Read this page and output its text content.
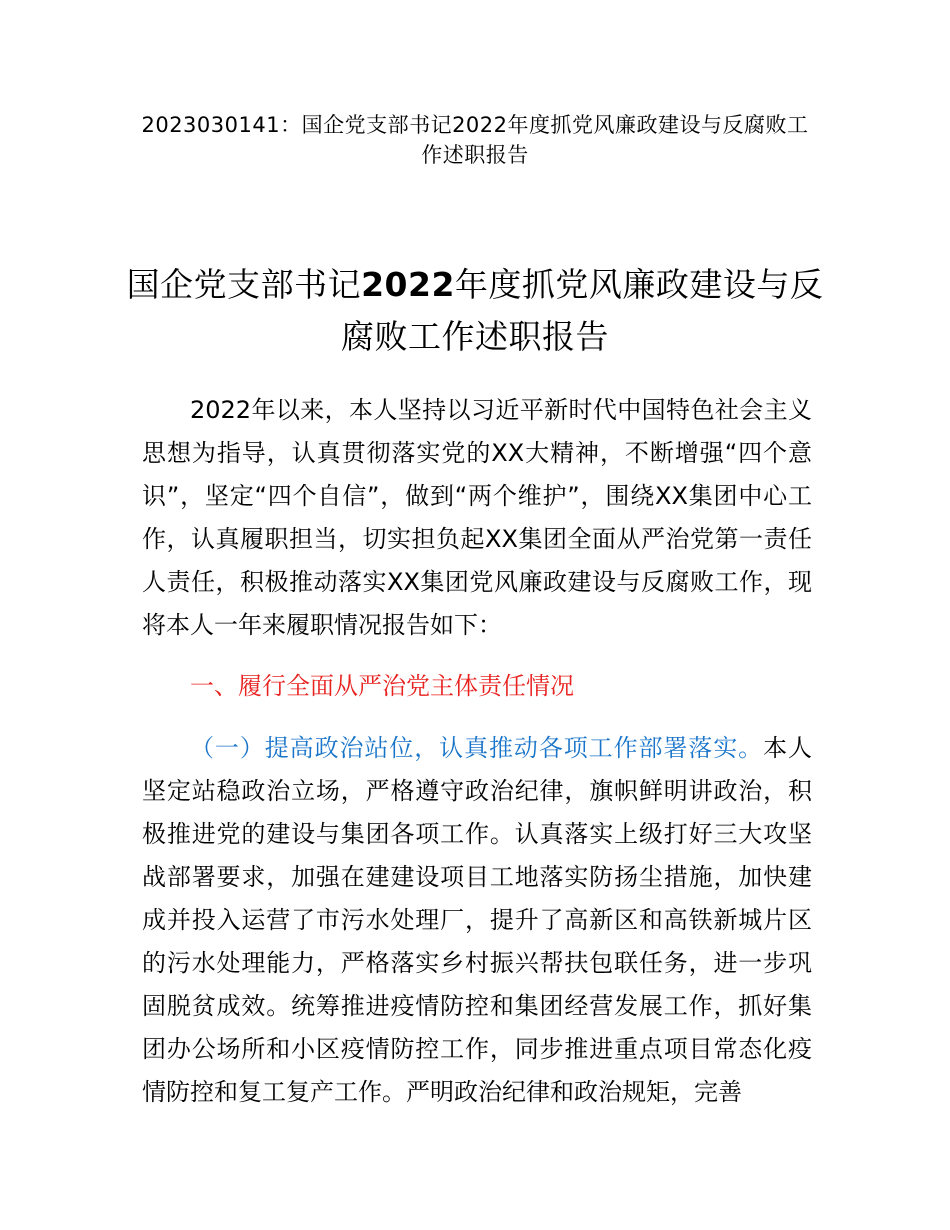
2023030141：国企党支部书记2022年度抓党风廉政建设与反腐败工作述职报告
国企党支部书记2022年度抓党风廉政建设与反腐败工作述职报告

2022年以来，本人坚持以习近平新时代中国特色社会主义思想为指导，认真贯彻落实党的XX大精神，不断增强“四个意识”，坚定“四个自信”，做到“两个维护”，围绕XX集团中心工作，认真履职担当，切实担负起XX集团全面从严治党第一责任人责任，积极推动落实XX集团党风廉政建设与反腐败工作，现将本人一年来履职情况报告如下：

一、履行全面从严治党主体责任情况

（一）提高政治站位，认真推动各项工作部署落实。本人坚定站稳政治立场，严格遵守政治纪律，旗帜鲜明讲政治，积极推进党的建设与集团各项工作。认真落实上级打好三大攻坚战部署要求，加强在建建设项目工地落实防扬尘措施，加快建成并投入运营了市污水处理厂，提升了高新区和高铁新城片区的污水处理能力，严格落实乡村振兴帮扶包联任务，进一步巩固脱贫成效。统筹推进疫情防控和集团经营发展工作，抓好集团办公场所和小区疫情防控工作，同步推进重点项目常态化疫情防控和复工复产工作。严明政治纪律和政治规矩，完善
